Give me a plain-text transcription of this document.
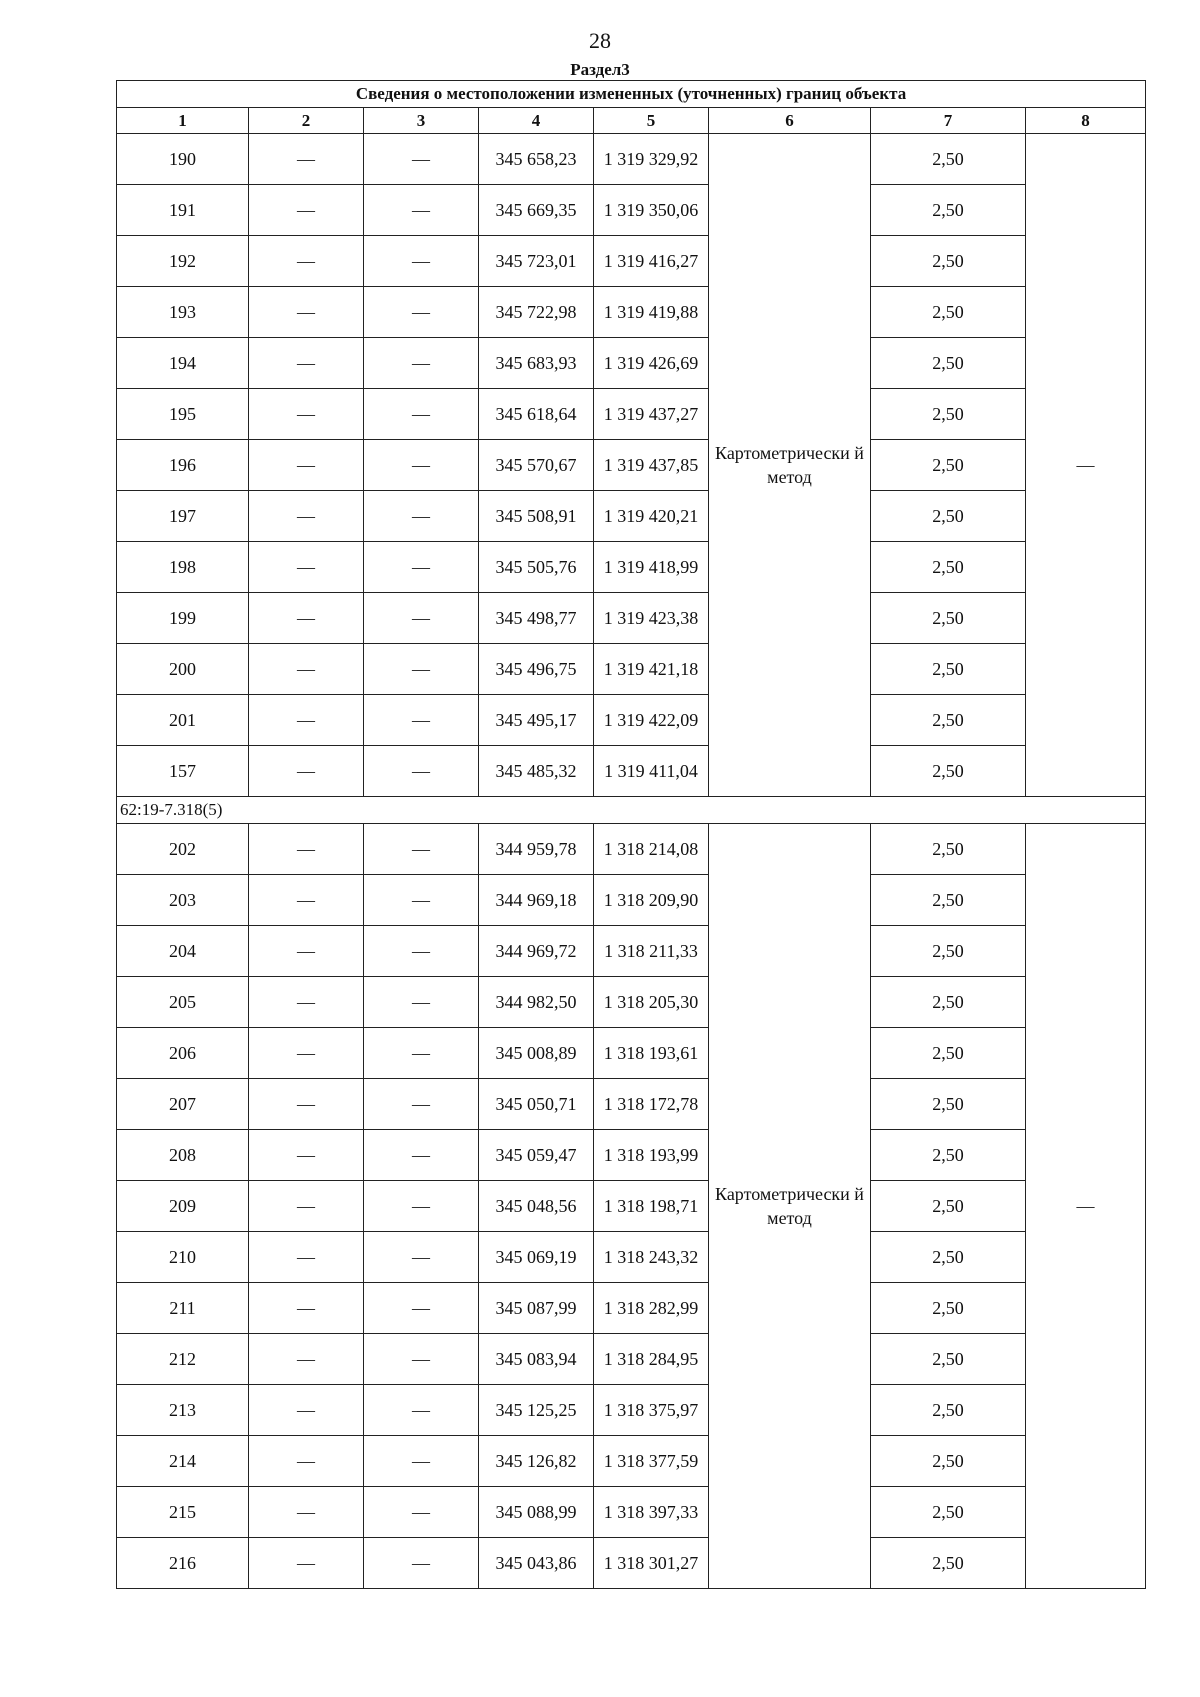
28
Раздел3
Сведения о местоположении измененных (уточненных) границ объекта							
1	2	3	4	5	6	7	8
190	—	—	345 658,23	1 319 329,92	Картометрически й метод	2,50	—
191	—	—	345 669,35	1 319 350,06		2,50	
192	—	—	345 723,01	1 319 416,27		2,50	
193	—	—	345 722,98	1 319 419,88		2,50	
194	—	—	345 683,93	1 319 426,69		2,50	
195	—	—	345 618,64	1 319 437,27		2,50	
196	—	—	345 570,67	1 319 437,85		2,50	
197	—	—	345 508,91	1 319 420,21		2,50	
198	—	—	345 505,76	1 319 418,99		2,50	
199	—	—	345 498,77	1 319 423,38		2,50	
200	—	—	345 496,75	1 319 421,18		2,50	
201	—	—	345 495,17	1 319 422,09		2,50	
157	—	—	345 485,32	1 319 411,04		2,50	
62:19-7.318(5)							
202	—	—	344 959,78	1 318 214,08	Картометрически й метод	2,50	—
203	—	—	344 969,18	1 318 209,90		2,50	
204	—	—	344 969,72	1 318 211,33		2,50	
205	—	—	344 982,50	1 318 205,30		2,50	
206	—	—	345 008,89	1 318 193,61		2,50	
207	—	—	345 050,71	1 318 172,78		2,50	
208	—	—	345 059,47	1 318 193,99		2,50	
209	—	—	345 048,56	1 318 198,71		2,50	
210	—	—	345 069,19	1 318 243,32		2,50	
211	—	—	345 087,99	1 318 282,99		2,50	
212	—	—	345 083,94	1 318 284,95		2,50	
213	—	—	345 125,25	1 318 375,97		2,50	
214	—	—	345 126,82	1 318 377,59		2,50	
215	—	—	345 088,99	1 318 397,33		2,50	
216	—	—	345 043,86	1 318 301,27		2,50	
